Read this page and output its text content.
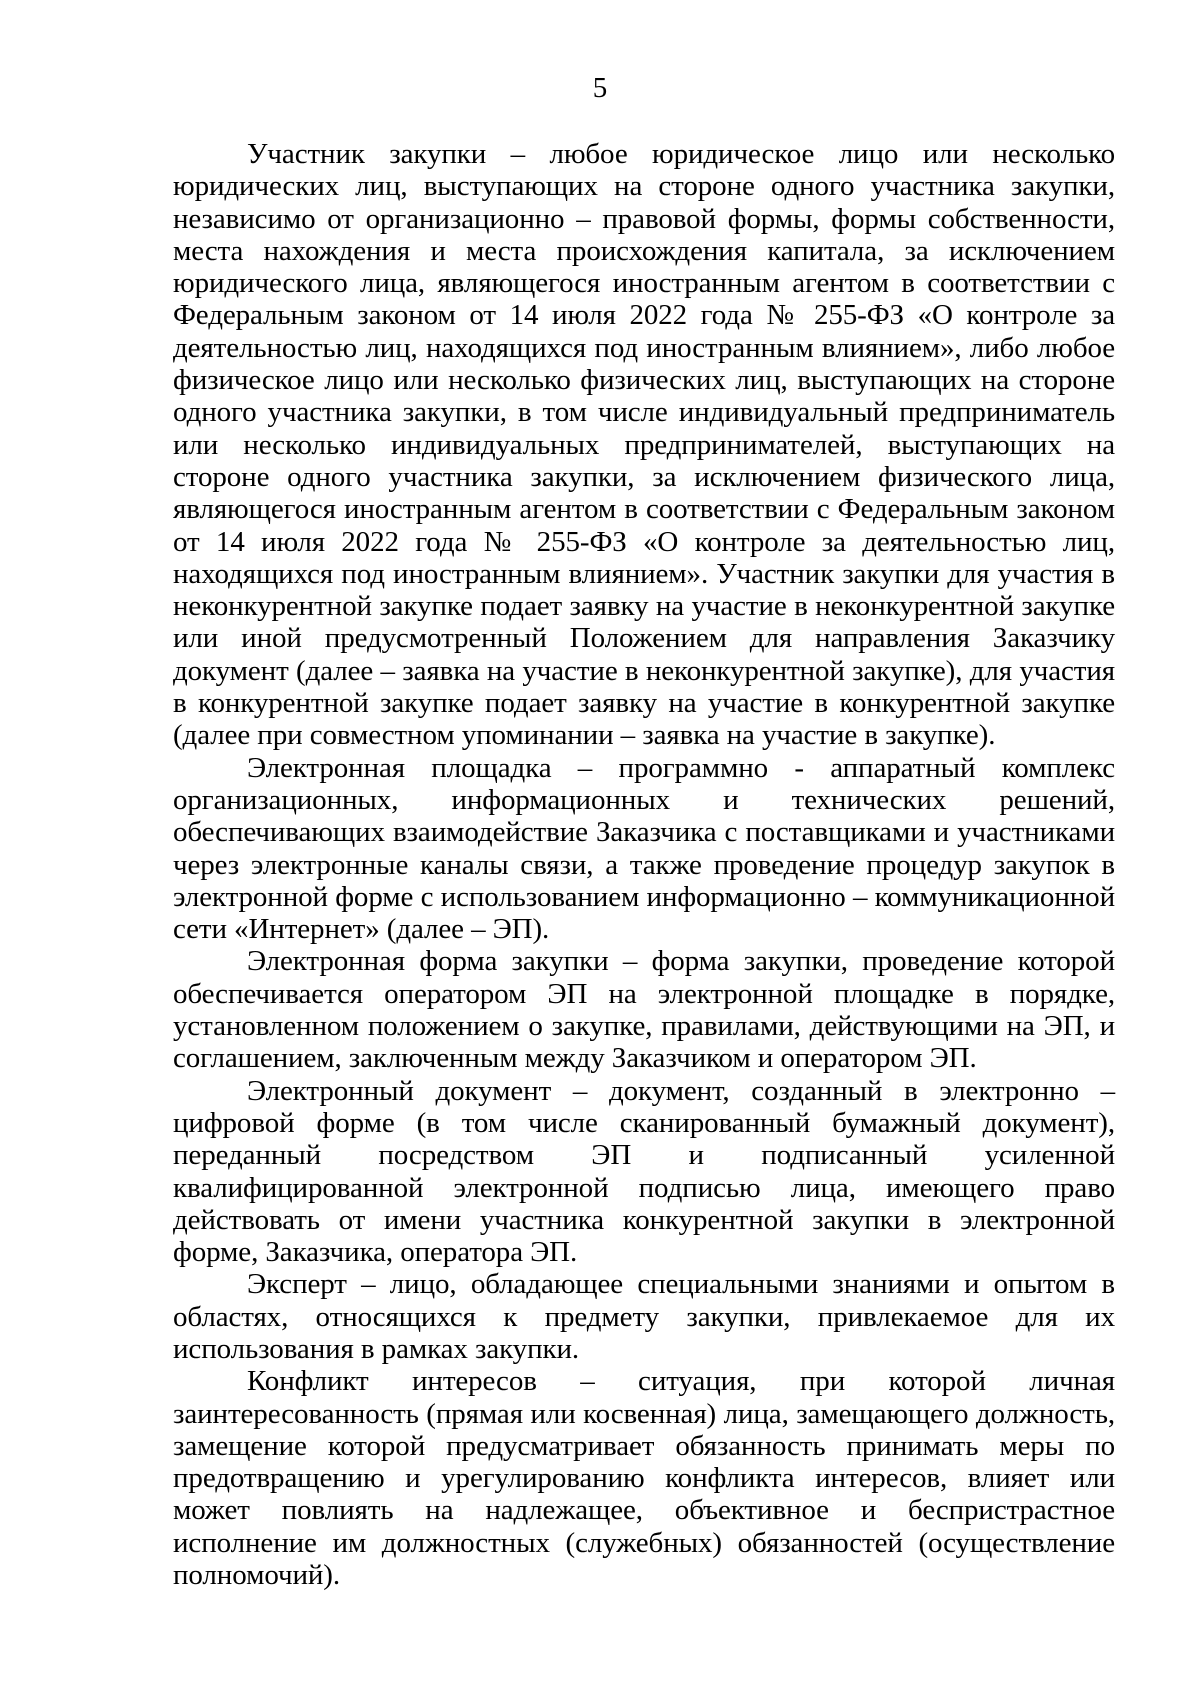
5

Участник закупки – любое юридическое лицо или несколько юридических лиц, выступающих на стороне одного участника закупки, независимо от организационно – правовой формы, формы собственности, места нахождения и места происхождения капитала, за исключением юридического лица, являющегося иностранным агентом в соответствии с Федеральным законом от 14 июля 2022 года № 255-ФЗ «О контроле за деятельностью лиц, находящихся под иностранным влиянием», либо любое физическое лицо или несколько физических лиц, выступающих на стороне одного участника закупки, в том числе индивидуальный предприниматель или несколько индивидуальных предпринимателей, выступающих на стороне одного участника закупки, за исключением физического лица, являющегося иностранным агентом в соответствии с Федеральным законом от 14 июля 2022 года № 255-ФЗ «О контроле за деятельностью лиц, находящихся под иностранным влиянием». Участник закупки для участия в неконкурентной закупке подает заявку на участие в неконкурентной закупке или иной предусмотренный Положением для направления Заказчику документ (далее – заявка на участие в неконкурентной закупке), для участия в конкурентной закупке подает заявку на участие в конкурентной закупке (далее при совместном упоминании – заявка на участие в закупке).

Электронная площадка – программно - аппаратный комплекс организационных, информационных и технических решений, обеспечивающих взаимодействие Заказчика с поставщиками и участниками через электронные каналы связи, а также проведение процедур закупок в электронной форме с использованием информационно – коммуникационной сети «Интернет» (далее – ЭП).

Электронная форма закупки – форма закупки, проведение которой обеспечивается оператором ЭП на электронной площадке в порядке, установленном положением о закупке, правилами, действующими на ЭП, и соглашением, заключенным между Заказчиком и оператором ЭП.

Электронный документ – документ, созданный в электронно – цифровой форме (в том числе сканированный бумажный документ), переданный посредством ЭП и подписанный усиленной квалифицированной электронной подписью лица, имеющего право действовать от имени участника конкурентной закупки в электронной форме, Заказчика, оператора ЭП.

Эксперт – лицо, обладающее специальными знаниями и опытом в областях, относящихся к предмету закупки, привлекаемое для их использования в рамках закупки.

Конфликт интересов – ситуация, при которой личная заинтересованность (прямая или косвенная) лица, замещающего должность, замещение которой предусматривает обязанность принимать меры по предотвращению и урегулированию конфликта интересов, влияет или может повлиять на надлежащее, объективное и беспристрастное исполнение им должностных (служебных) обязанностей (осуществление полномочий).
